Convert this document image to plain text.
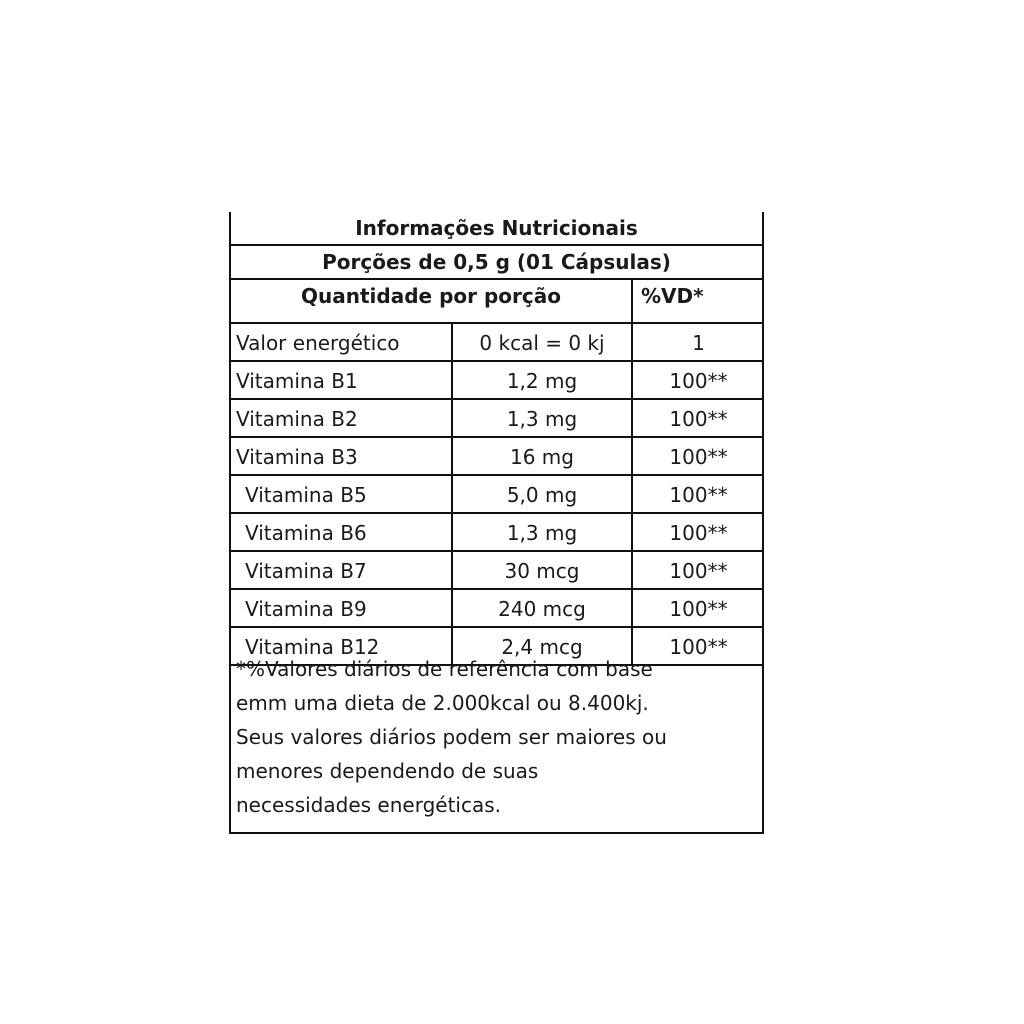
Informações Nutricionais
Porções de 0,5 g (01 Cápsulas)
Quantidade por porção	%VD*
Valor energético	0 kcal = 0 kj	1
Vitamina B1	1,2 mg	100**
Vitamina B2	1,3 mg	100**
Vitamina B3	16 mg	100**
Vitamina B5	5,0 mg	100**
Vitamina B6	1,3 mg	100**
Vitamina B7	30 mcg	100**
Vitamina B9	240 mcg	100**
Vitamina B12	2,4 mcg	100**
*%Valores diários de referência com base
emm uma dieta de 2.000kcal ou 8.400kj.
Seus valores diários podem ser maiores ou
menores dependendo de suas
necessidades energéticas.
